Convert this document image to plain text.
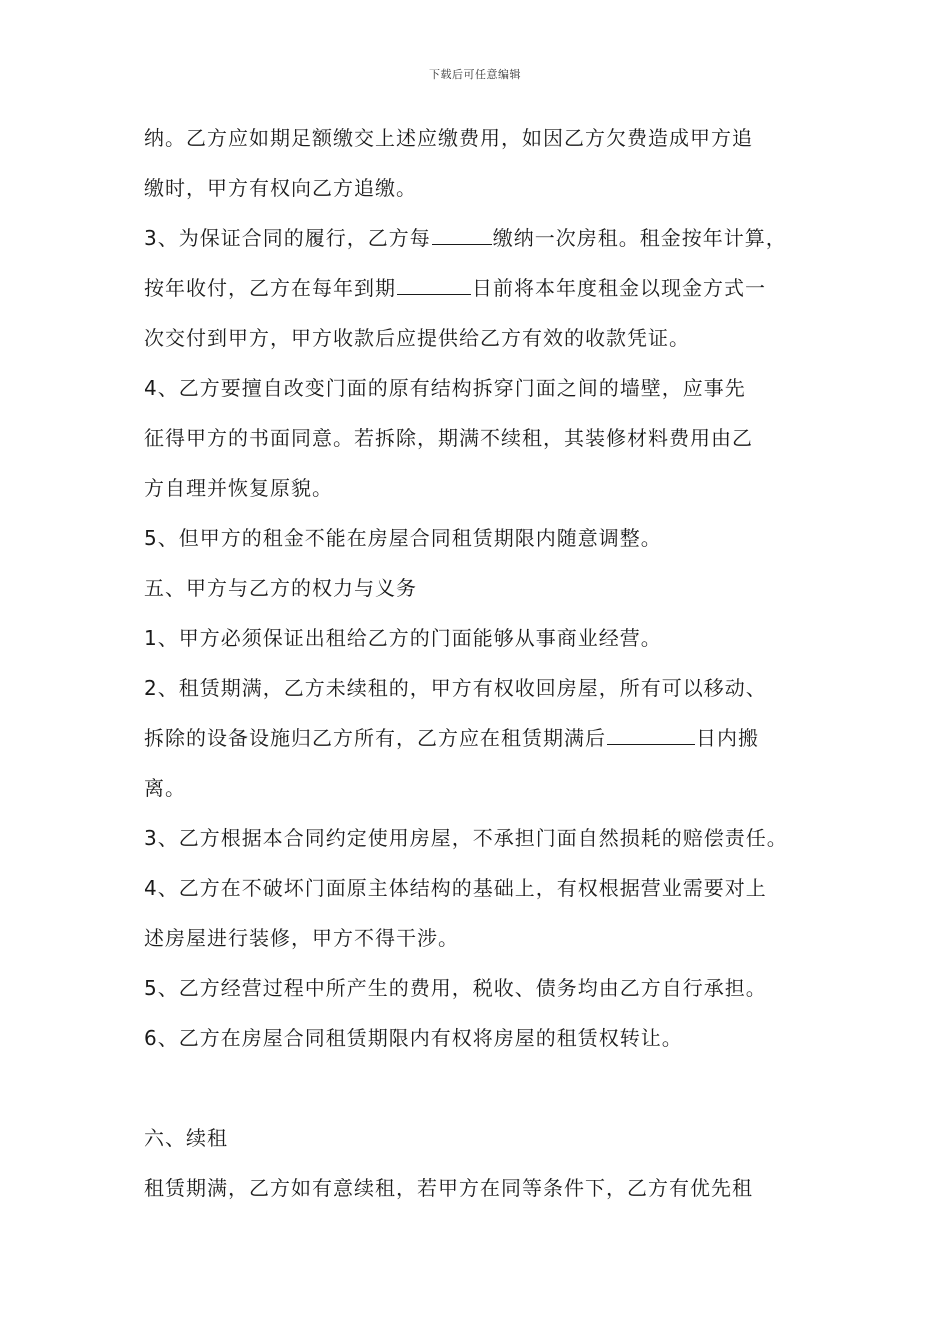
下载后可任意编辑
纳。乙方应如期足额缴交上述应缴费用，如因乙方欠费造成甲方追
缴时，甲方有权向乙方追缴。
3、为保证合同的履行，乙方每	缴纳一次房租。租金按年计算，
按年收付，乙方在每年到期	日前将本年度租金以现金方式一
次交付到甲方，甲方收款后应提供给乙方有效的收款凭证。
4、乙方要擅自改变门面的原有结构拆穿门面之间的墙壁，应事先
征得甲方的书面同意。若拆除，期满不续租，其装修材料费用由乙
方自理并恢复原貌。
5、但甲方的租金不能在房屋合同租赁期限内随意调整。
五、甲方与乙方的权力与义务
1、甲方必须保证出租给乙方的门面能够从事商业经营。
2、租赁期满，乙方未续租的，甲方有权收回房屋，所有可以移动、
拆除的设备设施归乙方所有，乙方应在租赁期满后	日内搬
离。
3、乙方根据本合同约定使用房屋，不承担门面自然损耗的赔偿责任。
4、乙方在不破坏门面原主体结构的基础上，有权根据营业需要对上
述房屋进行装修，甲方不得干涉。
5、乙方经营过程中所产生的费用，税收、债务均由乙方自行承担。
6、乙方在房屋合同租赁期限内有权将房屋的租赁权转让。
六、续租
租赁期满，乙方如有意续租，若甲方在同等条件下，乙方有优先租
